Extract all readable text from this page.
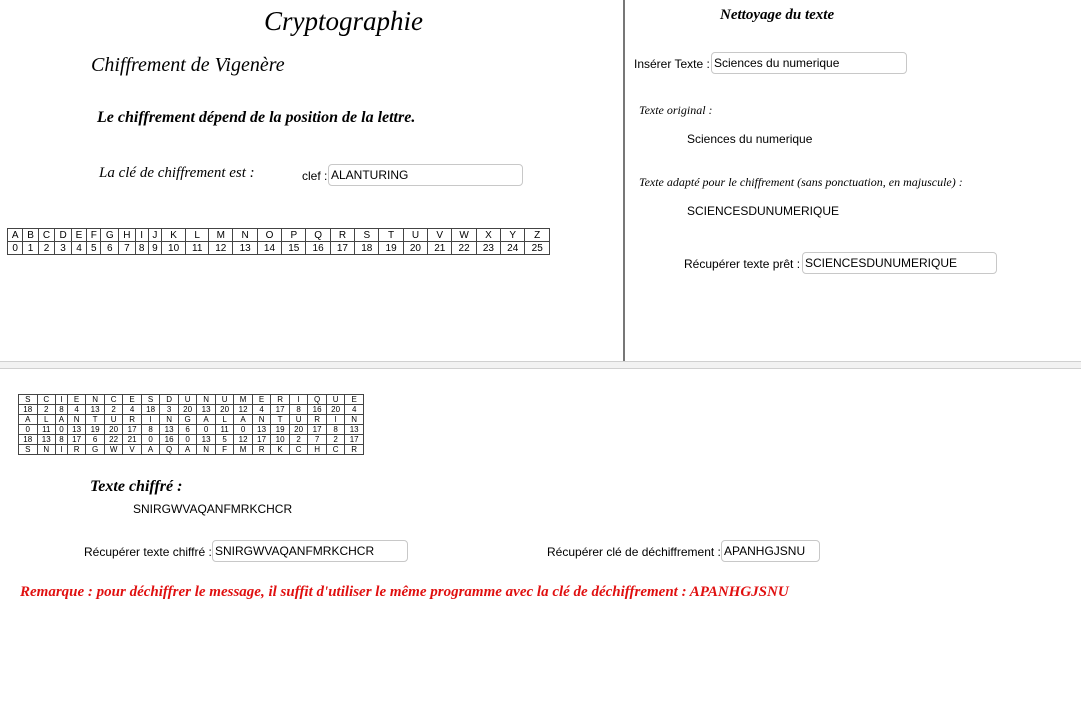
Cryptographie
Chiffrement de Vigenère
Le chiffrement dépend de la position de la lettre.
La clé de chiffrement est :	clef : ALANTURING
A	B	C	D	E	F	G	H	I	J	K	L	M	N	O	P	Q	R	S	T	U	V	W	X	Y	Z
0	1	2	3	4	5	6	7	8	9	10	11	12	13	14	15	16	17	18	19	20	21	22	23	24	25
Nettoyage du texte
Insérer Texte : Sciences du numerique
Texte original :
Sciences du numerique
Texte adapté pour le chiffrement (sans ponctuation, en majuscule) :
SCIENCESDUNUMERIQUE
Récupérer texte prêt : SCIENCESDUNUMERIQUE
S	C	I	E	N	C	E	S	D	U	N	U	M	E	R	I	Q	U	E
18	2	8	4	13	2	4	18	3	20	13	20	12	4	17	8	16	20	4
A	L	A	N	T	U	R	I	N	G	A	L	A	N	T	U	R	I	N
0	11	0	13	19	20	17	8	13	6	0	11	0	13	19	20	17	8	13
18	13	8	17	6	22	21	0	16	0	13	5	12	17	10	2	7	2	17
S	N	I	R	G	W	V	A	Q	A	N	F	M	R	K	C	H	C	R
Texte chiffré :
SNIRGWVAQANFMRKCHCR
Récupérer texte chiffré : SNIRGWVAQANFMRKCHCR	Récupérer clé de déchiffrement : APANHGJSNU
Remarque : pour déchiffrer le message, il suffit d'utiliser le même programme avec la clé de déchiffrement : APANHGJSNU
